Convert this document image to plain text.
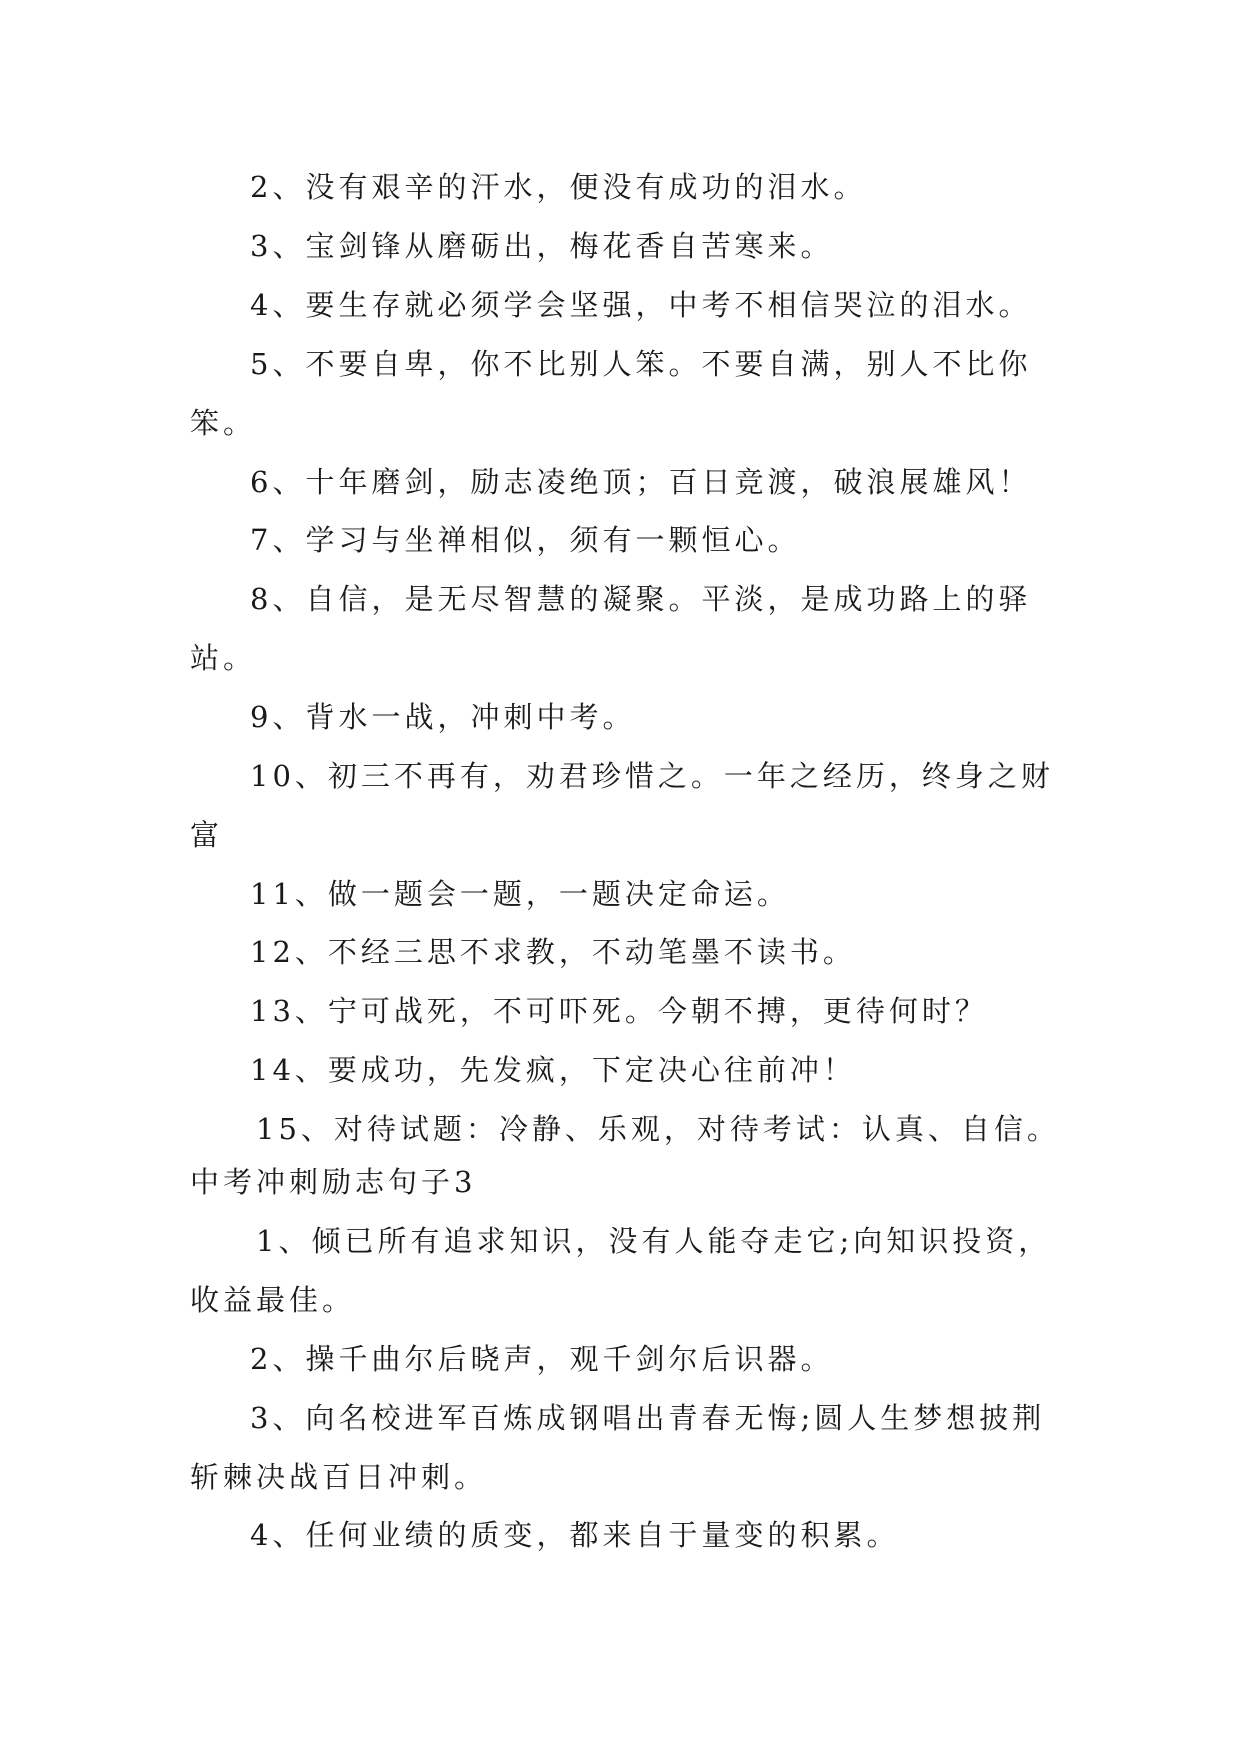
2、没有艰辛的汗水，便没有成功的泪水。
3、宝剑锋从磨砺出，梅花香自苦寒来。
4、要生存就必须学会坚强，中考不相信哭泣的泪水。
5、不要自卑，你不比别人笨。不要自满，别人不比你
笨。
6、十年磨剑，励志凌绝顶；百日竞渡，破浪展雄风！
7、学习与坐禅相似，须有一颗恒心。
8、自信，是无尽智慧的凝聚。平淡，是成功路上的驿
站。
9、背水一战，冲刺中考。
10、初三不再有，劝君珍惜之。一年之经历，终身之财
富
11、做一题会一题，一题决定命运。
12、不经三思不求教，不动笔墨不读书。
13、宁可战死，不可吓死。今朝不搏，更待何时？
14、要成功，先发疯，下定决心往前冲！
15、对待试题：冷静、乐观，对待考试：认真、自信。
中考冲刺励志句子3
1、倾已所有追求知识，没有人能夺走它;向知识投资，
收益最佳。
2、操千曲尔后晓声，观千剑尔后识器。
3、向名校进军百炼成钢唱出青春无悔;圆人生梦想披荆
斩棘决战百日冲刺。
4、任何业绩的质变，都来自于量变的积累。
